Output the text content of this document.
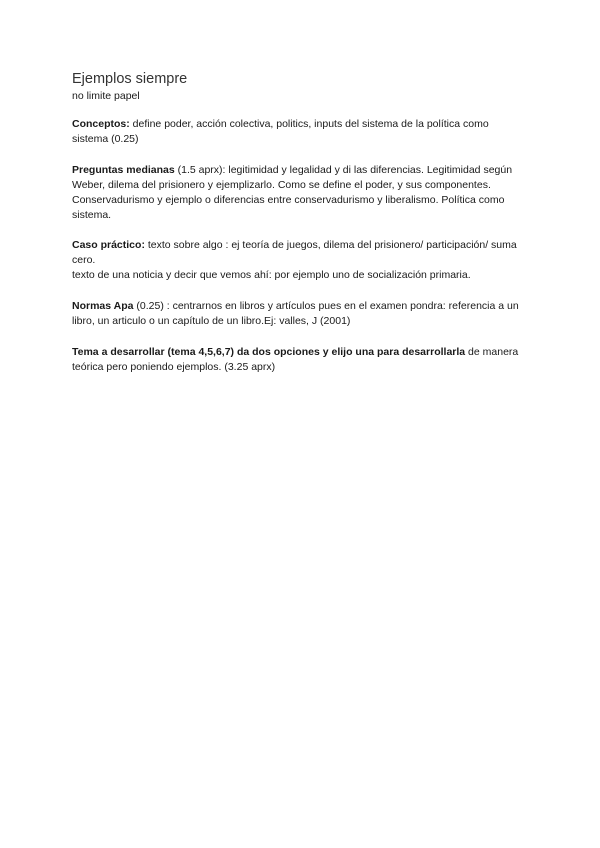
Ejemplos siempre

no limite papel

Conceptos: define poder, acción colectiva, politics, inputs del sistema de la política como sistema (0.25)

Preguntas medianas (1.5 aprx): legitimidad y legalidad y di las diferencias. Legitimidad según Weber, dilema del prisionero y ejemplizarlo. Como se define el poder, y sus componentes.

Conservadurismo y ejemplo o diferencias entre conservadurismo y liberalismo. Política como sistema.

Caso práctico: texto sobre algo : ej teoría de juegos, dilema del prisionero/ participación/ suma cero.

texto de una noticia y decir que vemos ahí: por ejemplo uno de socialización primaria.

Normas Apa (0.25) : centrarnos en libros y artículos pues en el examen pondra: referencia a un libro, un articulo o un capítulo de un libro.Ej: valles, J (2001)

Tema a desarrollar (tema 4,5,6,7) da dos opciones y elijo una para desarrollarla de manera teórica pero poniendo ejemplos. (3.25 aprx)
